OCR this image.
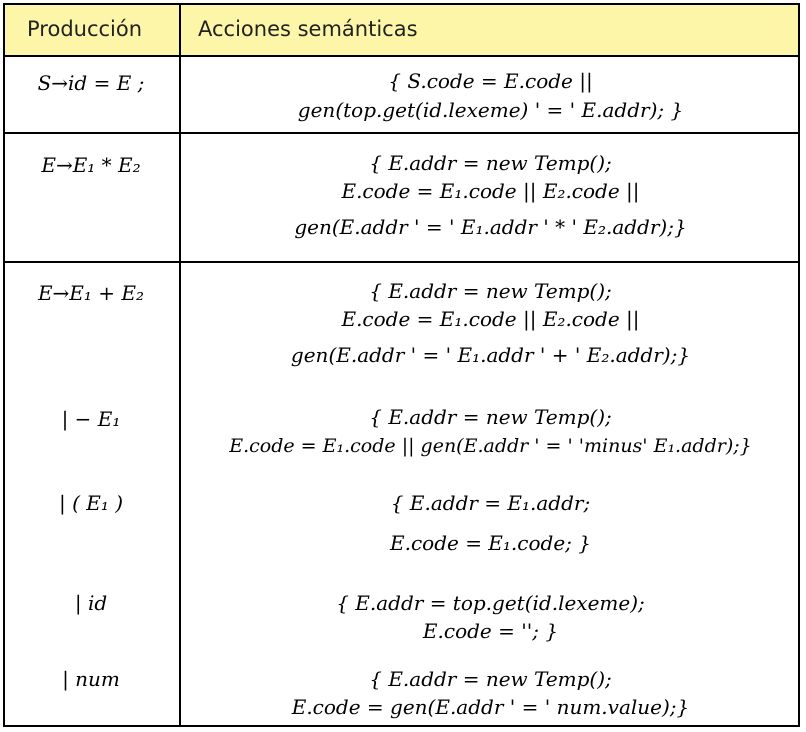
Producción	Acciones semánticas
S→id = E ;	{ S.code = E.code ||
gen(top.get(id.lexeme) ' = ' E.addr); }
E→E₁ * E₂	{ E.addr = new Temp();
E.code = E₁.code || E₂.code ||
gen(E.addr ' = ' E₁.addr ' * ' E₂.addr);}
E→E₁ + E₂	{ E.addr = new Temp();
E.code = E₁.code || E₂.code ||
gen(E.addr ' = ' E₁.addr ' + ' E₂.addr);}
| − E₁	{ E.addr = new Temp();
E.code = E₁.code || gen(E.addr ' = ' 'minus' E₁.addr);}
| ( E₁ )	{ E.addr = E₁.addr;
E.code = E₁.code; }
| id	{ E.addr = top.get(id.lexeme);
E.code = ''; }
| num	{ E.addr = new Temp();
E.code = gen(E.addr ' = ' num.value);}
